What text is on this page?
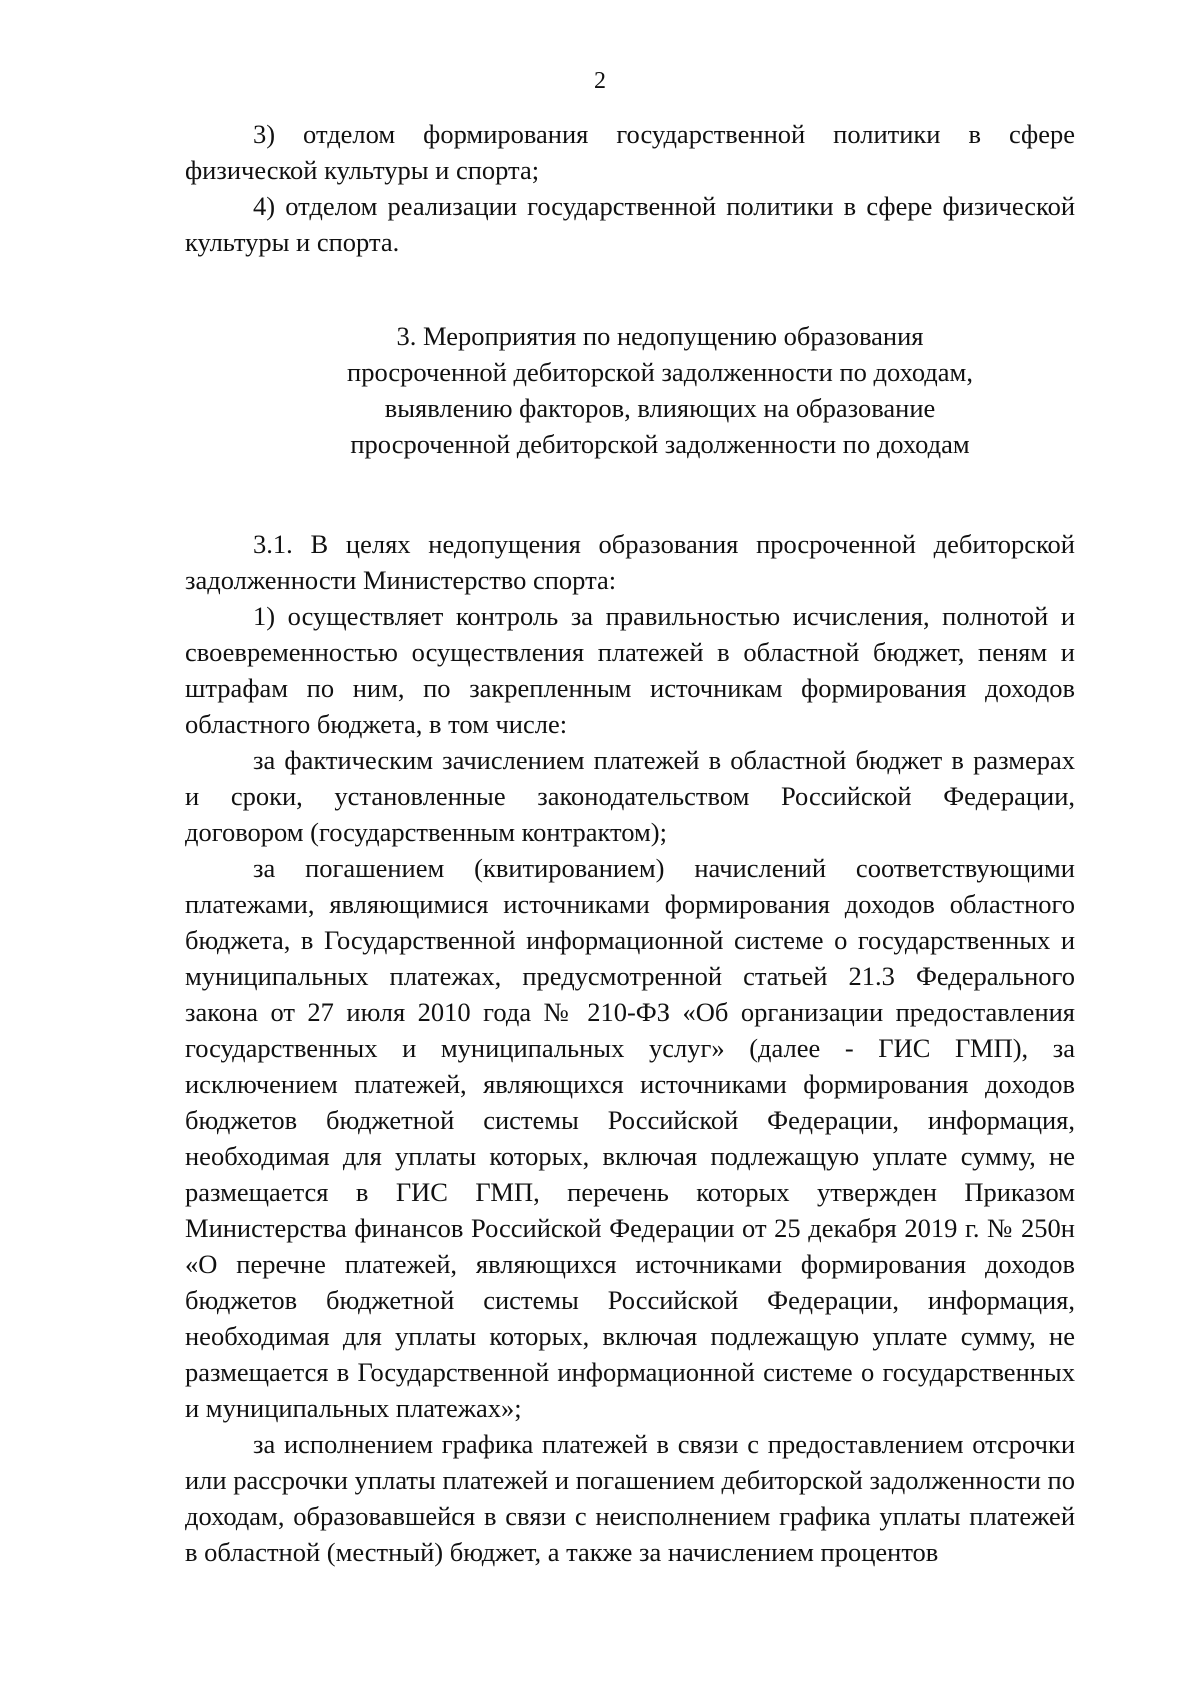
2

3) отделом формирования государственной политики в сфере физической культуры и спорта;

4) отделом реализации государственной политики в сфере физической культуры и спорта.

3. Мероприятия по недопущению образования просроченной дебиторской задолженности по доходам, выявлению факторов, влияющих на образование просроченной дебиторской задолженности по доходам

3.1. В целях недопущения образования просроченной дебиторской задолженности Министерство спорта:

1) осуществляет контроль за правильностью исчисления, полнотой и своевременностью осуществления платежей в областной бюджет, пеням и штрафам по ним, по закрепленным источникам формирования доходов областного бюджета, в том числе:

за фактическим зачислением платежей в областной бюджет в размерах и сроки, установленные законодательством Российской Федерации, договором (государственным контрактом);

за погашением (квитированием) начислений соответствующими платежами, являющимися источниками формирования доходов областного бюджета, в Государственной информационной системе о государственных и муниципальных платежах, предусмотренной статьей 21.3 Федерального закона от 27 июля 2010 года № 210-ФЗ «Об организации предоставления государственных и муниципальных услуг» (далее - ГИС ГМП), за исключением платежей, являющихся источниками формирования доходов бюджетов бюджетной системы Российской Федерации, информация, необходимая для уплаты которых, включая подлежащую уплате сумму, не размещается в ГИС ГМП, перечень которых утвержден Приказом Министерства финансов Российской Федерации от 25 декабря 2019 г. № 250н «О перечне платежей, являющихся источниками формирования доходов бюджетов бюджетной системы Российской Федерации, информация, необходимая для уплаты которых, включая подлежащую уплате сумму, не размещается в Государственной информационной системе о государственных и муниципальных платежах»;

за исполнением графика платежей в связи с предоставлением отсрочки или рассрочки уплаты платежей и погашением дебиторской задолженности по доходам, образовавшейся в связи с неисполнением графика уплаты платежей в областной (местный) бюджет, а также за начислением процентов
